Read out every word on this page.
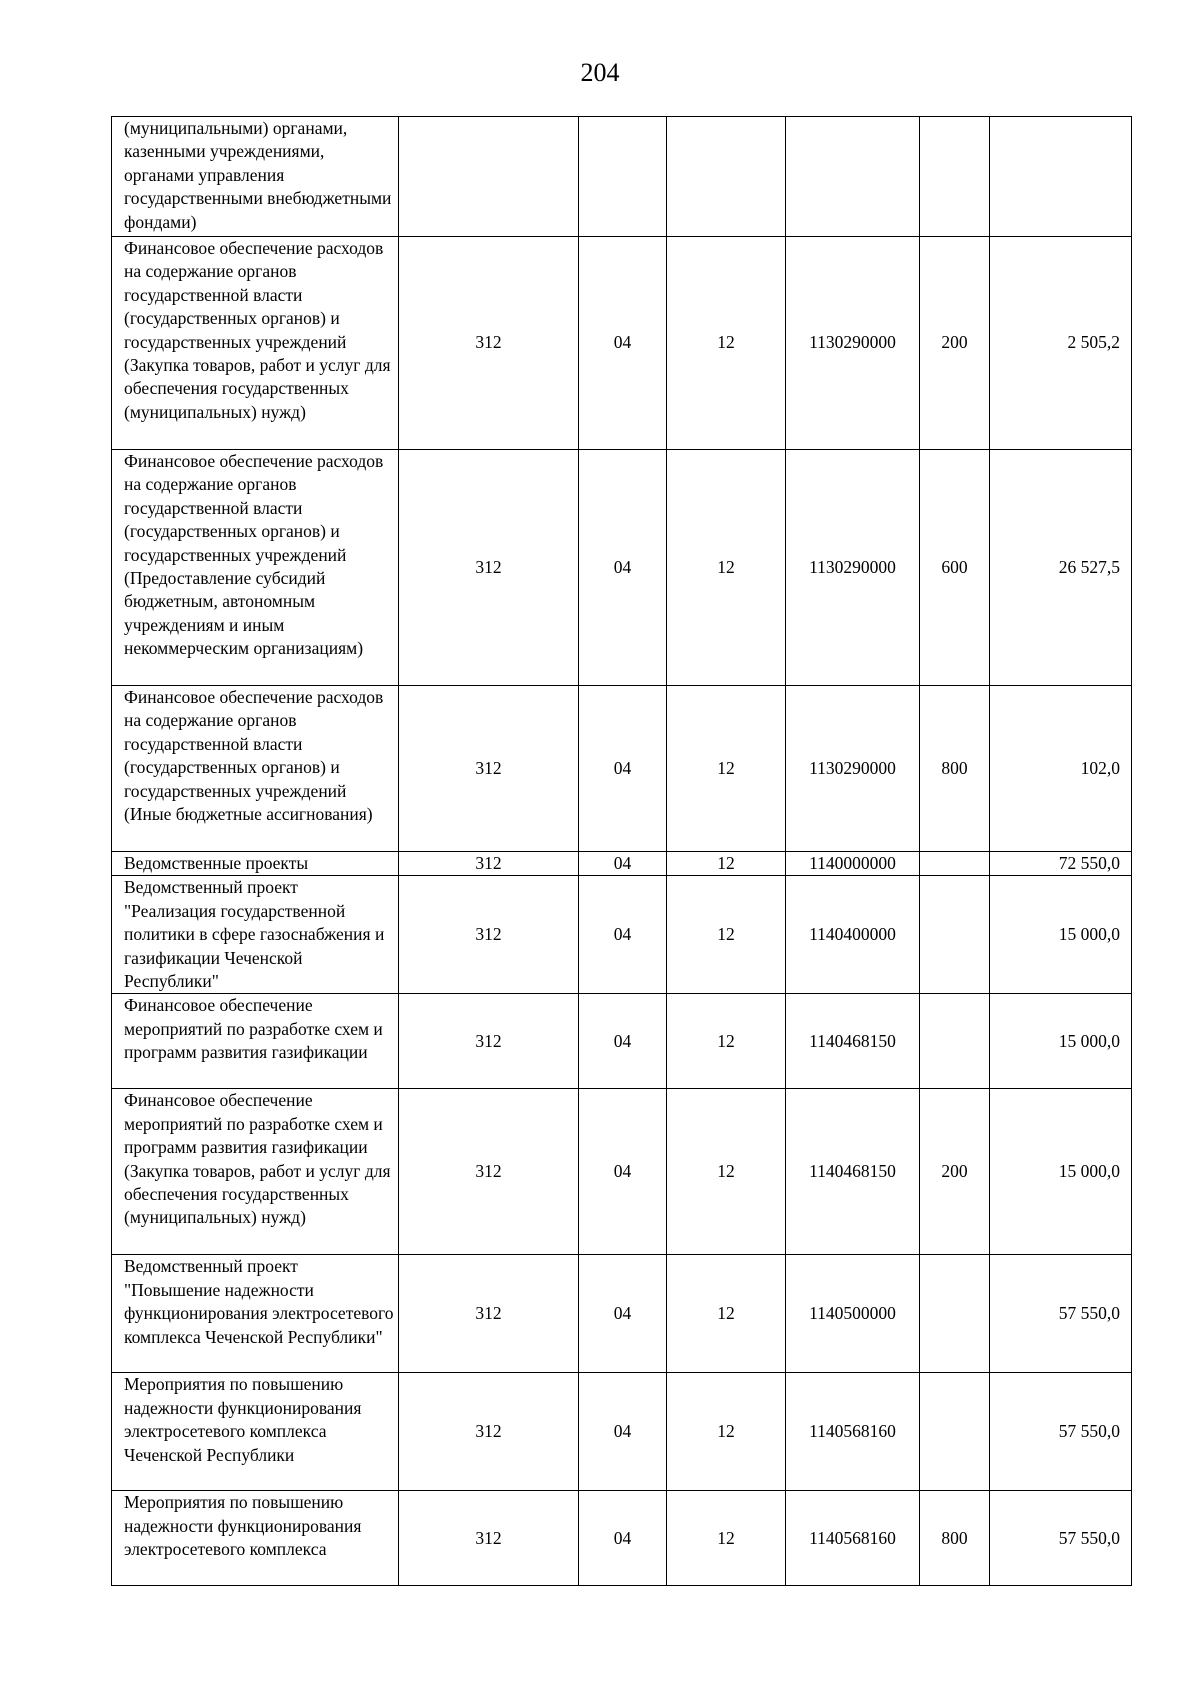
204
(муниципальными) органами, казенными учреждениями, органами управления государственными внебюджетными фондами)						
Финансовое обеспечение расходов на содержание органов государственной власти (государственных органов) и государственных учреждений (Закупка товаров, работ и услуг для обеспечения государственных (муниципальных) нужд)	312	04	12	1130290000	200	2 505,2
Финансовое обеспечение расходов на содержание органов государственной власти (государственных органов) и государственных учреждений (Предоставление субсидий бюджетным, автономным учреждениям и иным некоммерческим организациям)	312	04	12	1130290000	600	26 527,5
Финансовое обеспечение расходов на содержание органов государственной власти (государственных органов) и государственных учреждений (Иные бюджетные ассигнования)	312	04	12	1130290000	800	102,0
Ведомственные проекты	312	04	12	1140000000		72 550,0
Ведомственный проект "Реализация государственной политики в сфере газоснабжения и газификации Чеченской Республики"	312	04	12	1140400000		15 000,0
Финансовое обеспечение мероприятий по разработке схем и программ развития газификации	312	04	12	1140468150		15 000,0
Финансовое обеспечение мероприятий по разработке схем и программ развития газификации (Закупка товаров, работ и услуг для обеспечения государственных (муниципальных) нужд)	312	04	12	1140468150	200	15 000,0
Ведомственный проект "Повышение надежности функционирования электросетевого комплекса Чеченской Республики"	312	04	12	1140500000		57 550,0
Мероприятия по повышению надежности функционирования электросетевого комплекса Чеченской Республики	312	04	12	1140568160		57 550,0
Мероприятия по повышению надежности функционирования электросетевого комплекса	312	04	12	1140568160	800	57 550,0
